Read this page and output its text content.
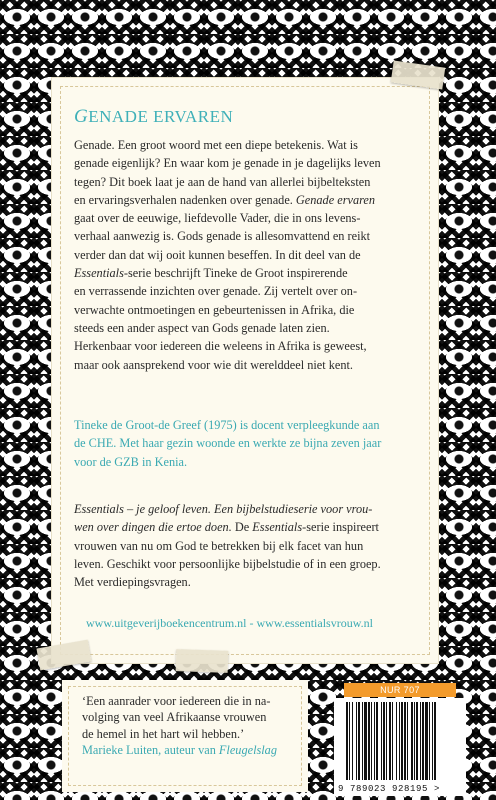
GENADE ERVAREN
Genade. Een groot woord met een diepe betekenis. Wat is
genade eigenlijk? En waar kom je genade in je dagelijks leven
tegen? Dit boek laat je aan de hand van allerlei bijbelteksten
en ervaringsverhalen nadenken over genade. Genade ervaren
gaat over de eeuwige, liefdevolle Vader, die in ons levens-
verhaal aanwezig is. Gods genade is allesomvattend en reikt
verder dan dat wij ooit kunnen beseffen. In dit deel van de
Essentials-serie beschrijft Tineke de Groot inspirerende
en verrassende inzichten over genade. Zij vertelt over on-
verwachte ontmoetingen en gebeurtenissen in Afrika, die
steeds een ander aspect van Gods genade laten zien.
Herkenbaar voor iedereen die weleens in Afrika is geweest,
maar ook aansprekend voor wie dit werelddeel niet kent.
Tineke de Groot-de Greef (1975) is docent verpleegkunde aan
de CHE. Met haar gezin woonde en werkte ze bijna zeven jaar
voor de GZB in Kenia.
Essentials – je geloof leven. Een bijbelstudieserie voor vrou-
wen over dingen die ertoe doen. De Essentials-serie inspireert
vrouwen van nu om God te betrekken bij elk facet van hun
leven. Geschikt voor persoonlijke bijbelstudie of in een groep.
Met verdiepingsvragen.
www.uitgeverijboekencentrum.nl - www.essentialsvrouw.nl
‘Een aanrader voor iedereen die in na-
volging van veel Afrikaanse vrouwen
de hemel in het hart wil hebben.’
Marieke Luiten, auteur van Fleugelslag
NUR 707
9 789023 928195 >
